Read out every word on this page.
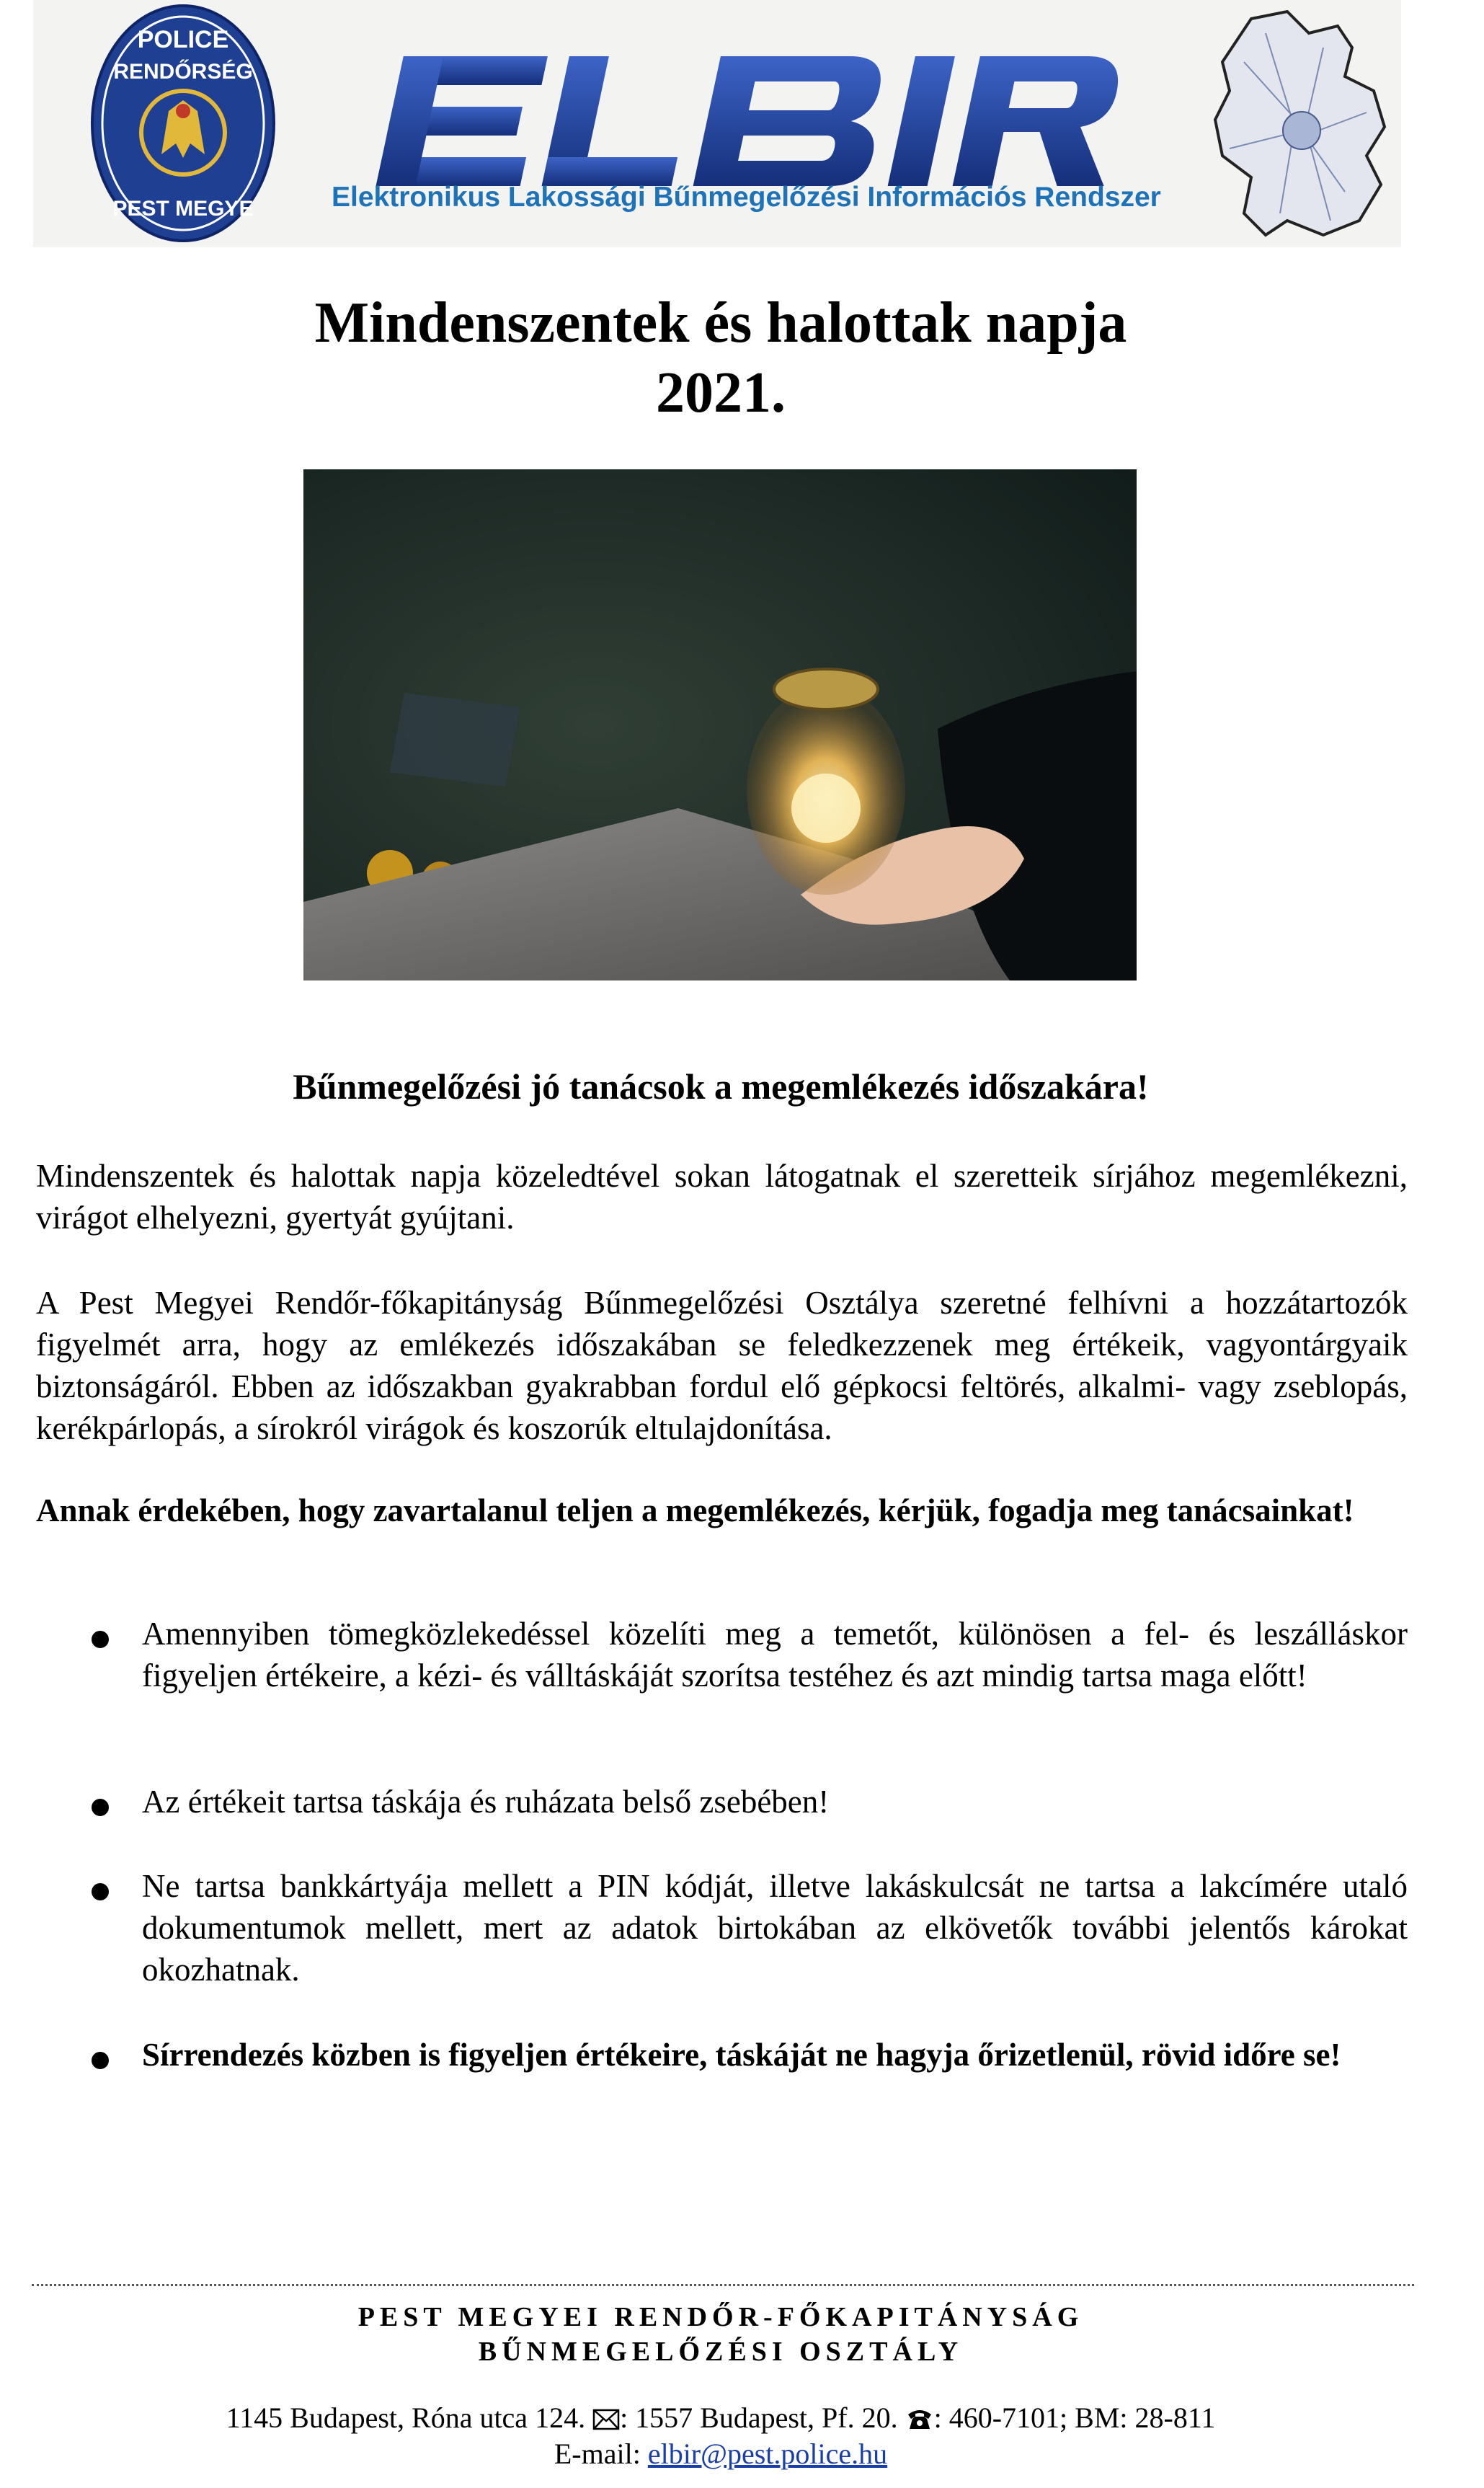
POLICE
RENDŐRSÉG
PEST MEGYE	Elektronikus Lakossági Bűnmegelőzési Információs Rendszer
Mindenszentek és halottak napja
2021.
Bűnmegelőzési jó tanácsok a megemlékezés időszakára!

Mindenszentek és halottak napja közeledtével sokan látogatnak el szeretteik sírjához megemlékezni, virágot elhelyezni, gyertyát gyújtani.

A Pest Megyei Rendőr-főkapitányság Bűnmegelőzési Osztálya szeretné felhívni a hozzátartozók figyelmét arra, hogy az emlékezés időszakában se feledkezzenek meg értékeik, vagyontárgyaik biztonságáról. Ebben az időszakban gyakrabban fordul elő gépkocsi feltörés, alkalmi- vagy zseblopás, kerékpárlopás, a sírokról virágok és koszorúk eltulajdonítása.

Annak érdekében, hogy zavartalanul teljen a megemlékezés, kérjük, fogadja meg tanácsainkat!

Amennyiben tömegközlekedéssel közelíti meg a temetőt, különösen a fel- és leszálláskor figyeljen értékeire, a kézi- és válltáskáját szorítsa testéhez és azt mindig tartsa maga előtt!

Az értékeit tartsa táskája és ruházata belső zsebében!

Ne tartsa bankkártyája mellett a PIN kódját, illetve lakáskulcsát ne tartsa a lakcímére utaló dokumentumok mellett, mert az adatok birtokában az elkövetők további jelentős károkat okozhatnak.

Sírrendezés közben is figyeljen értékeire, táskáját ne hagyja őrizetlenül, rövid időre se!

PEST MEGYEI RENDŐR-FŐKAPITÁNYSÁG
BŰNMEGELŐZÉSI OSZTÁLY
1145 Budapest, Róna utca 124. : 1557 Budapest, Pf. 20. : 460-7101; BM: 28-811
E-mail: elbir@pest.police.hu
